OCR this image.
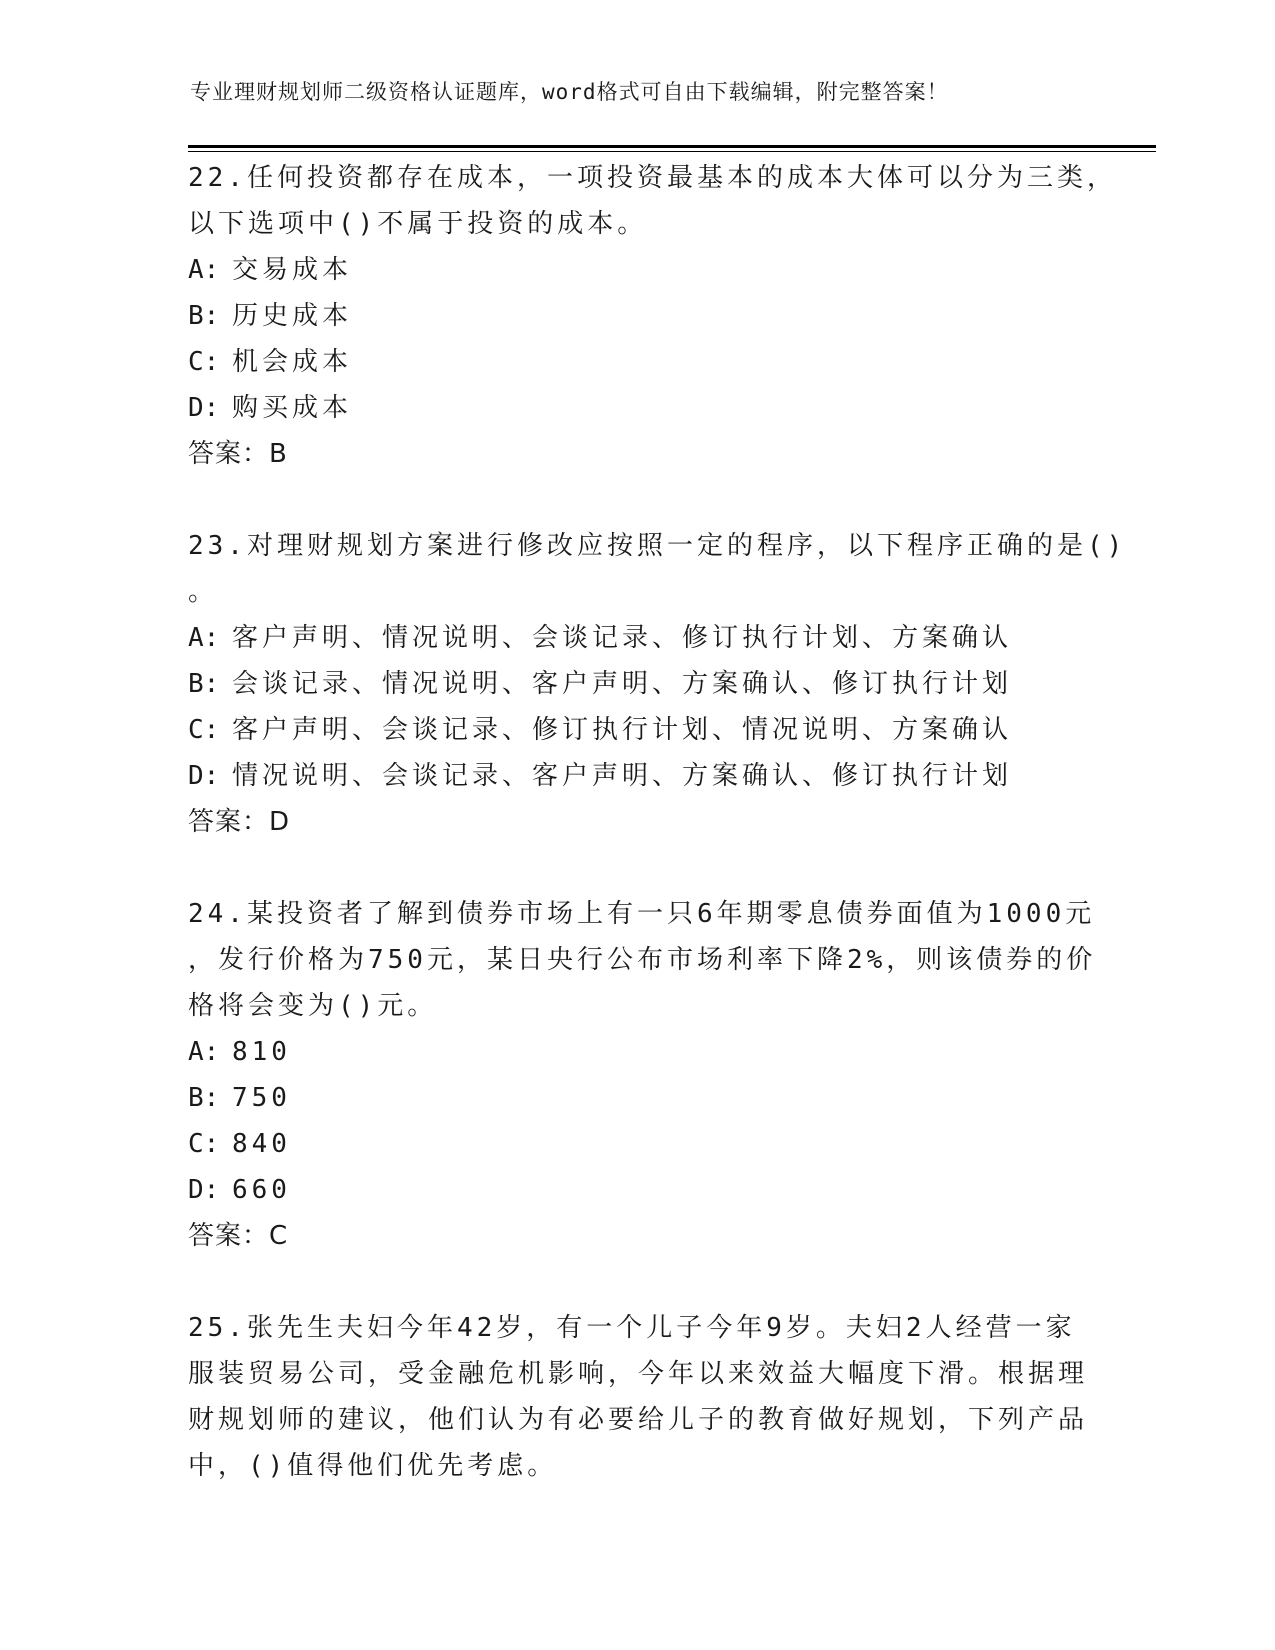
专业理财规划师二级资格认证题库，word格式可自由下载编辑，附完整答案！
22.任何投资都存在成本，一项投资最基本的成本大体可以分为三类，
以下选项中()不属于投资的成本。
A: 交易成本
B: 历史成本
C: 机会成本
D: 购买成本
答案：B
23.对理财规划方案进行修改应按照一定的程序，以下程序正确的是()
。
A: 客户声明、情况说明、会谈记录、修订执行计划、方案确认
B: 会谈记录、情况说明、客户声明、方案确认、修订执行计划
C: 客户声明、会谈记录、修订执行计划、情况说明、方案确认
D: 情况说明、会谈记录、客户声明、方案确认、修订执行计划
答案：D
24.某投资者了解到债券市场上有一只6年期零息债券面值为1000元
，发行价格为750元，某日央行公布市场利率下降2%，则该债券的价
格将会变为()元。
A: 810
B: 750
C: 840
D: 660
答案：C
25.张先生夫妇今年42岁，有一个儿子今年9岁。夫妇2人经营一家
服装贸易公司，受金融危机影响，今年以来效益大幅度下滑。根据理
财规划师的建议，他们认为有必要给儿子的教育做好规划，下列产品
中，()值得他们优先考虑。
